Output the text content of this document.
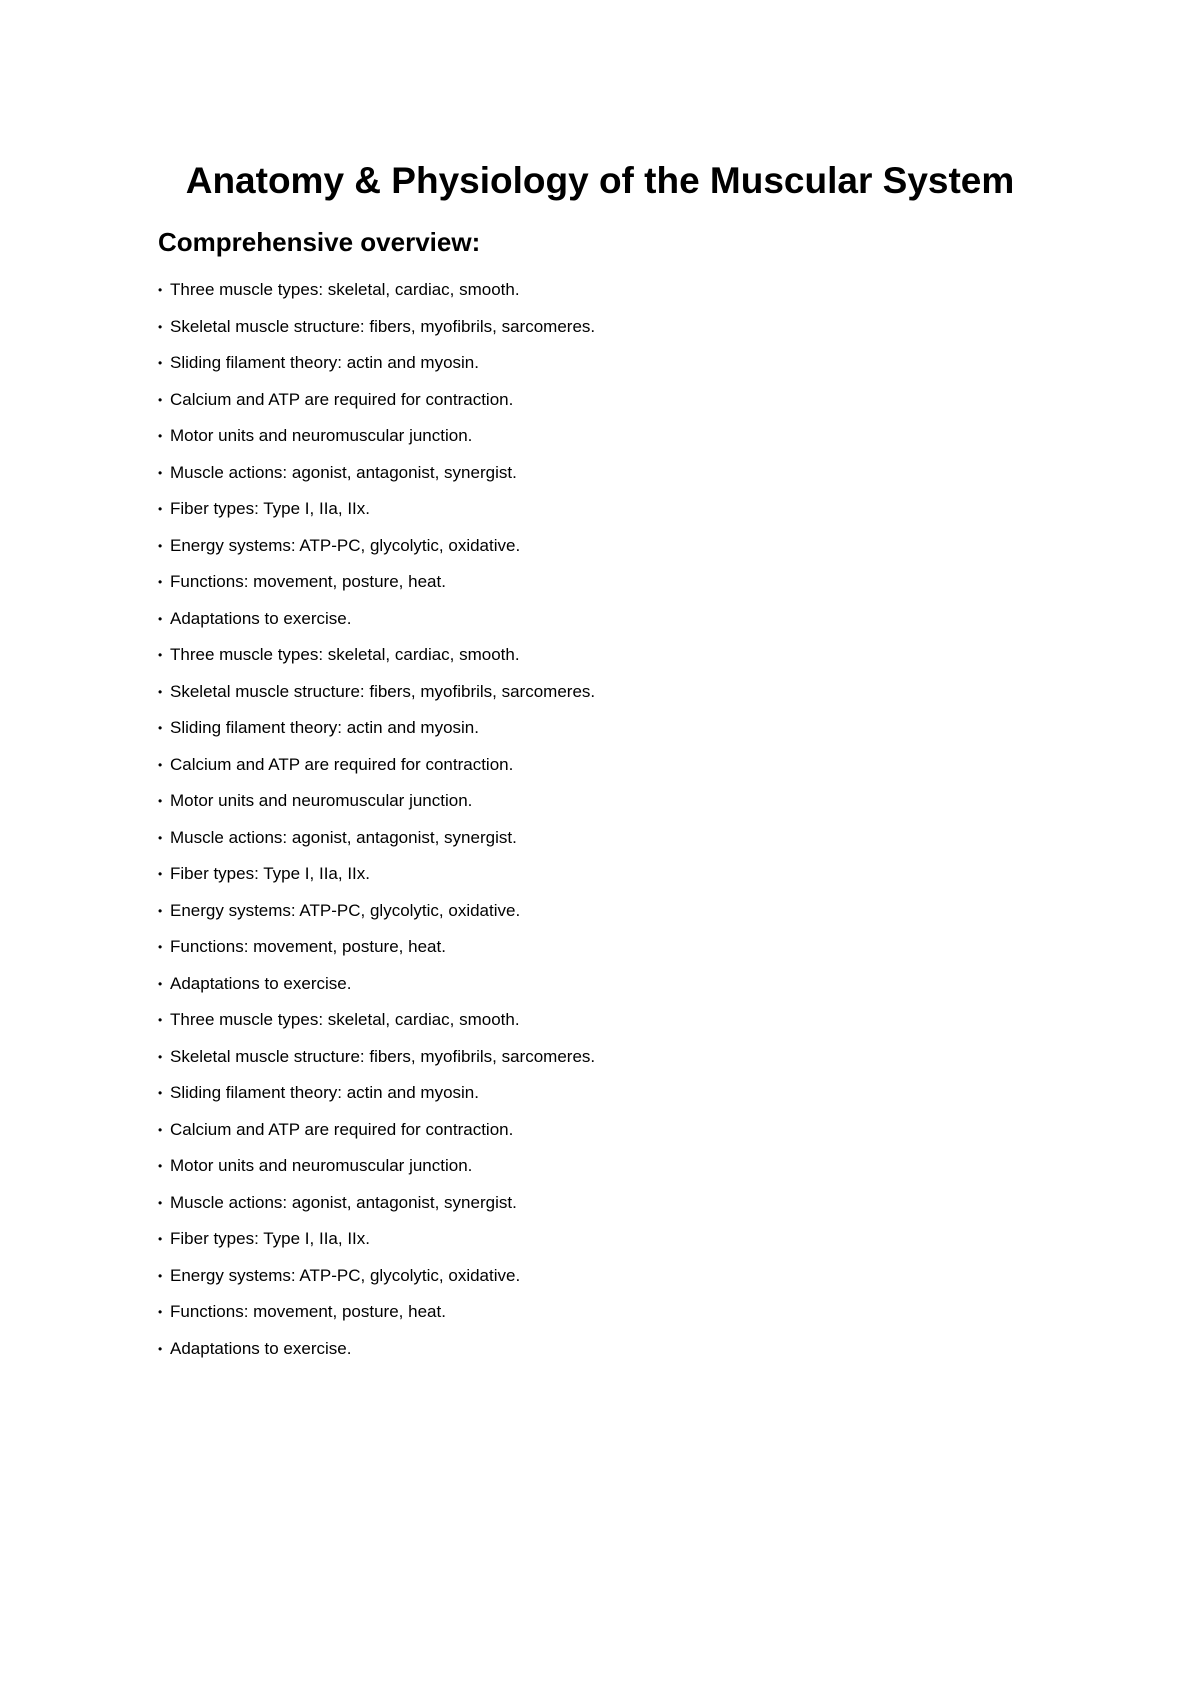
Anatomy & Physiology of the Muscular System
Comprehensive overview:
• Three muscle types: skeletal, cardiac, smooth.
• Skeletal muscle structure: fibers, myofibrils, sarcomeres.
• Sliding filament theory: actin and myosin.
• Calcium and ATP are required for contraction.
• Motor units and neuromuscular junction.
• Muscle actions: agonist, antagonist, synergist.
• Fiber types: Type I, IIa, IIx.
• Energy systems: ATP-PC, glycolytic, oxidative.
• Functions: movement, posture, heat.
• Adaptations to exercise.
• Three muscle types: skeletal, cardiac, smooth.
• Skeletal muscle structure: fibers, myofibrils, sarcomeres.
• Sliding filament theory: actin and myosin.
• Calcium and ATP are required for contraction.
• Motor units and neuromuscular junction.
• Muscle actions: agonist, antagonist, synergist.
• Fiber types: Type I, IIa, IIx.
• Energy systems: ATP-PC, glycolytic, oxidative.
• Functions: movement, posture, heat.
• Adaptations to exercise.
• Three muscle types: skeletal, cardiac, smooth.
• Skeletal muscle structure: fibers, myofibrils, sarcomeres.
• Sliding filament theory: actin and myosin.
• Calcium and ATP are required for contraction.
• Motor units and neuromuscular junction.
• Muscle actions: agonist, antagonist, synergist.
• Fiber types: Type I, IIa, IIx.
• Energy systems: ATP-PC, glycolytic, oxidative.
• Functions: movement, posture, heat.
• Adaptations to exercise.
